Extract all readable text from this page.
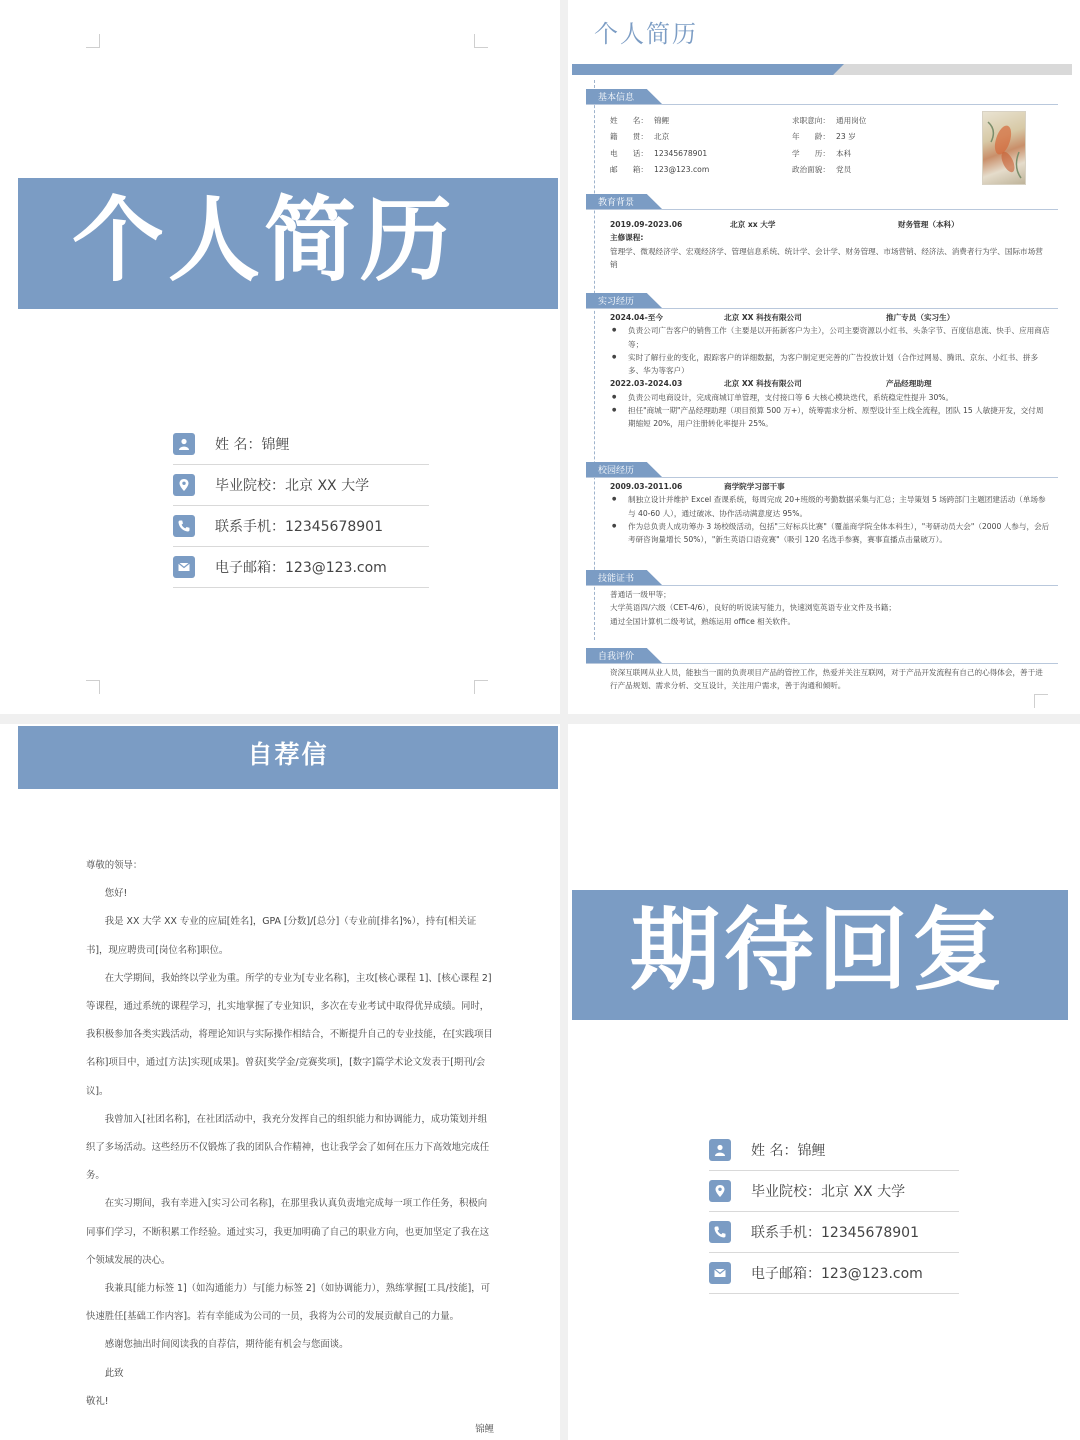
个人简历
姓 名：锦鲤
毕业院校：北京 XX 大学
联系手机：12345678901
电子邮箱：123@123.com
个人简历
基本信息
姓　　名： 锦鲤
籍　　贯： 北京
电　　话： 12345678901
邮　　箱： 123@123.com
求职意向： 通用岗位
年　　龄： 23 岁
学　　历： 本科
政治面貌： 党员
教育背景
2019.09-2023.06	北京 xx 大学	财务管理（本科）
主修课程:
管理学、微观经济学、宏观经济学、管理信息系统、统计学、会计学、财务管理、市场营销、经济法、消费者行为学、国际市场营销
实习经历
2024.04-至今	北京 XX 科技有限公司	推广专员（实习生）
● 负责公司广告客户的销售工作（主要是以开拓新客户为主），公司主要资源以小红书、头条字节、百度信息流、快手、应用商店等；
● 实时了解行业的变化，跟踪客户的详细数据，为客户制定更完善的广告投放计划（合作过网易、腾讯、京东、小红书、拼多多、华为等客户）
2022.03-2024.03	北京 XX 科技有限公司	产品经理助理
● 负责公司电商设计，完成商城订单管理，支付接口等 6 大核心模块迭代，系统稳定性提升 30%。
● 担任"商城一期"产品经理助理（项目预算 500 万+），统筹需求分析、原型设计至上线全流程，团队 15 人敏捷开发，交付周期缩短 20%，用户注册转化率提升 25%。
校园经历
2009.03-2011.06	商学院学习部干事
● 制独立设计并维护 Excel 查课系统，每周完成 20+班级的考勤数据采集与汇总；主导策划 5 场跨部门主题团建活动（单场参与 40-60 人），通过破冰、协作活动满意度达 95%。
● 作为总负责人成功筹办 3 场校级活动，包括"三好标兵比赛"（覆盖商学院全体本科生），"考研动员大会"（2000 人参与，会后考研咨询量增长 50%），"新生英语口语竞赛"（吸引 120 名选手参赛，赛事直播点击量破万）。
技能证书
普通话一级甲等；
大学英语四/六级（CET-4/6），良好的听说读写能力，快速浏览英语专业文件及书籍；
通过全国计算机二级考试，熟练运用 office 相关软件。
自我评价
资深互联网从业人员，能独当一面的负责项目产品的管控工作，热爱并关注互联网，对于产品开发流程有自己的心得体会，善于进行产品规划、需求分析、交互设计，关注用户需求，善于沟通和倾听。
自荐信
尊敬的领导：

您好!

我是 XX 大学 XX 专业的应届[姓名]，GPA [分数]/[总分]（专业前[排名]%），持有[相关证书]，现应聘贵司[岗位名称]职位。

在大学期间，我始终以学业为重。所学的专业为[专业名称]，主攻[核心课程 1]、[核心课程 2]等课程，通过系统的课程学习，扎实地掌握了专业知识，多次在专业考试中取得优异成绩。同时，我积极参加各类实践活动，将理论知识与实际操作相结合，不断提升自己的专业技能，在[实践项目名称]项目中，通过[方法]实现[成果]。曾获[奖学金/竞赛奖项]，[数字]篇学术论文发表于[期刊/会议]。

我曾加入[社团名称]，在社团活动中，我充分发挥自己的组织能力和协调能力，成功策划并组织了多场活动。这些经历不仅锻炼了我的团队合作精神，也让我学会了如何在压力下高效地完成任务。

在实习期间，我有幸进入[实习公司名称]，在那里我认真负责地完成每一项工作任务，积极向同事们学习，不断积累工作经验。通过实习，我更加明确了自己的职业方向，也更加坚定了我在这个领域发展的决心。

我兼具[能力标签 1]（如沟通能力）与[能力标签 2]（如协调能力），熟练掌握[工具/技能]，可快速胜任[基础工作内容]。若有幸能成为公司的一员，我将为公司的发展贡献自己的力量。

感谢您抽出时间阅读我的自荐信，期待能有机会与您面谈。

此致

敬礼!
锦鲤
期待回复
姓 名：锦鲤
毕业院校：北京 XX 大学
联系手机：12345678901
电子邮箱：123@123.com
